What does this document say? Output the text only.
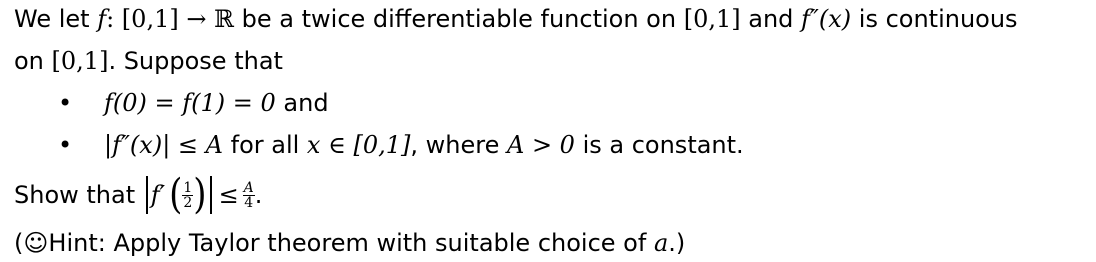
We let f: [0,1] → ℝ be a twice differentiable function on [0,1] and f″(x) is continuous
on [0,1]. Suppose that
• f(0) = f(1) = 0 and
• |f″(x)| ≤ A for all x ∈ [0,1], where A > 0 is a constant.
Show that f′ ( $\frac{1}{2}$ ) ≤ $\frac{A}{4}$ .
(☺Hint: Apply Taylor theorem with suitable choice of a.)
